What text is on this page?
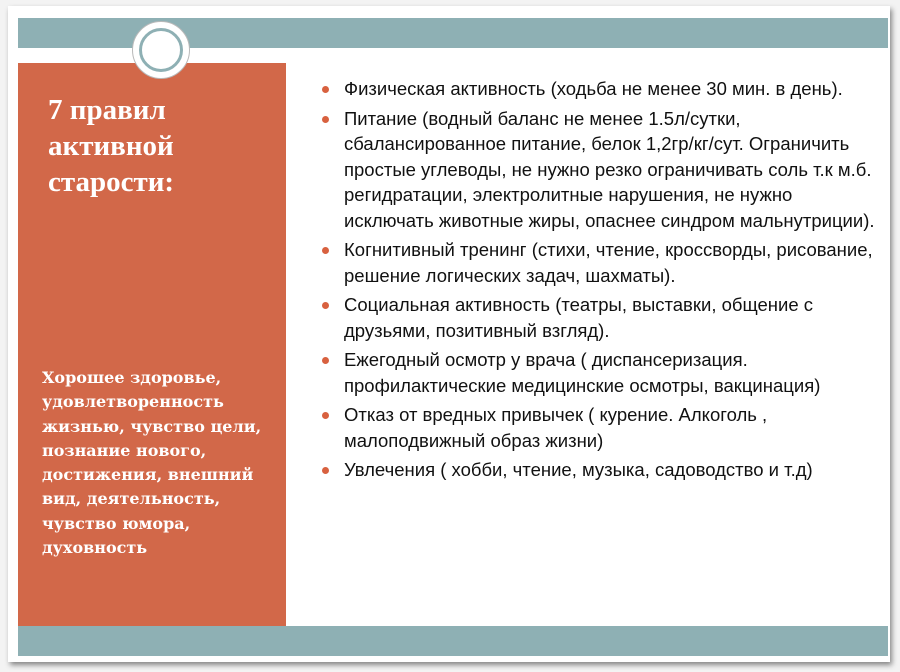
7 правил активной старости:

Хорошее здоровье, удовлетворенность жизнью, чувство цели, познание нового, достижения, внешний вид, деятельность, чувство юмора, духовность

Физическая активность (ходьба не менее 30 мин. в день).
Питание (водный баланс не менее 1.5л/сутки, сбалансированное питание, белок 1,2гр/кг/сут. Ограничить простые углеводы, не нужно резко ограничивать соль т.к м.б. регидратации, электролитные нарушения, не нужно исключать животные жиры, опаснее синдром мальнутриции).
Когнитивный тренинг (стихи, чтение, кроссворды, рисование, решение логических задач, шахматы).
Социальная активность (театры, выставки, общение с друзьями, позитивный взгляд).
Ежегодный осмотр у врача ( диспансеризация. профилактические медицинские осмотры, вакцинация)
Отказ от вредных привычек ( курение. Алкоголь , малоподвижный образ жизни)
Увлечения ( хобби, чтение, музыка, садоводство и т.д)
